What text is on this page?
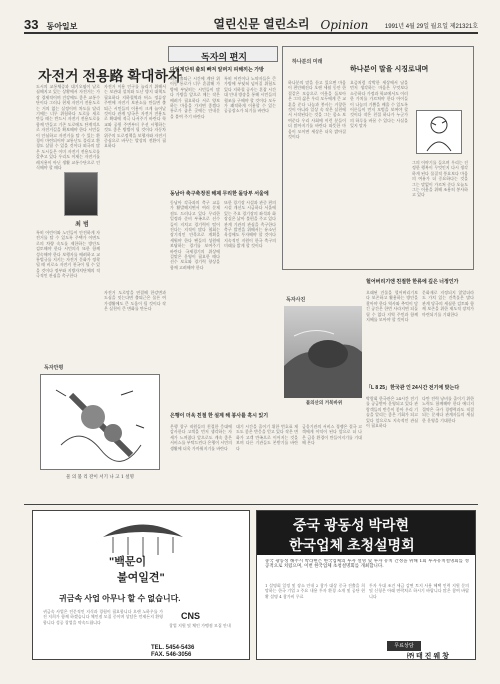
33 동아일보	열린신문 열린소리 Opinion	1991년 4월 29일 월요일 제21321호
자전거 전용路 확대하자
도시의 교통체증과 대기오염이 날로 심해지고 있는 상황에서 자전거는 가장 경제적이며 건강에도 좋은 교통수단이다 그러나 현재 자전거 전용도로는 거의 없는 실정이며 차도를 달리기에는 너무 위험하다 도로를 새로 만들 때는 반드시 자전거 전용도로를 함께 만들고 기존 도로에도 단계적으로 자전거길을 확보해야 한다 시민들이 안심하고 자전거를 탈 수 있는 환경이 마련되어야 교통난도 풀리고 환경도 살릴 수 있을 것이다 외국의 많은 도시들은 이미 자전거 전용도로를 갖추고 있다 우리도 이제는 자전거를 레저용이 아닌 생활 교통수단으로 인식해야 할 때다
자전거 이용 인구를 늘리기 위해서는 보관대 설치와 도난 방지 대책도 필요하다 지하철역과 버스 정류장 주변에 자전거 보관소를 만들면 출퇴근 시민들의 이용이 크게 늘어날 것이다 관계 당국은 자전거 전용도로 확대에 적극 나서주기 바란다 학교와 공원 주변부터 우선 시행하는 것도 좋은 방법이 될 것이다 자동차 위주의 도로정책을 보행자와 자전거 중심으로 바꾸는 발상의 전환이 필요하다
최 범
특히 어린이와 노인들이 안전하게 자전거를 탈 수 있도록 주택가 이면도로의 차량 속도를 제한하는 방안도 검토해야 한다 시민의식 또한 함께 성숙해야 한다 보행자를 배려하고 교통법규를 지키는 자전거 문화가 정착될 때 비로소 자전거 천국이 될 수 있을 것이다 정부와 지방자치단체의 적극적인 관심을 촉구한다
자전거 도로망을 연결해 한강변과 도심을 잇는다면 출퇴근은 물론 여가생활에도 큰 도움이 될 것이다 작은 실천이 큰 변화를 만든다
독자만평
물 의 불 리 잔이 서기 나 고 1 설명
독자의 편지
다인계단위 출퇴 빠져 알퍼지 피해끼는 가방
최근 출퇴근 시간에 계단 위 이동 통로가 너무 혼잡해 가방에 부딪히는 시민들이 많다 가방을 앞으로 메는 작은 배려가 필요하다 서로 양보하는 마음을 가지면 좋겠다 통로가 좁은 곳에는 안내문을 붙여 주기 바란다
특히 어린이나 노약자들은 큰 가방에 부딪혀 넘어질 위험도 있다 지하철 공사는 혼잡 시간대 안내 방송을 통해 시민들의 협조를 구해야 할 것이다 모두가 쾌적하게 이용할 수 있는 공공장소가 되기를 바란다
동남아 축구축정권 해제 무리한 돌당부 서울에
동남아 각국과의 축구 교류가 활발해지면서 여러 문제점도 드러나고 있다 무리한 일정과 준비 부족으로 선수들이 지치고 경기력이 떨어진다는 지적이 많다 협회는 장기적인 안목으로 계획을 세워야 한다 팬들의 성원에 보답하는 경기를 보여주기 바란다 국제경기의 위상에 걸맞은 운영이 필요한 때다 선수 보호와 경기력 향상을 함께 고려해야 한다
또한 경기장 시설과 관중 편의시설 개선도 시급하다 서울에 있는 주요 경기장의 좌석과 화장실은 낡아 불편을 주고 있다 관계 기관의 관심을 촉구한다 축구 발전을 위해서는 유소년 육성에도 투자해야 할 것이다 지속적인 지원이 한국 축구의 미래를 밝게 할 것이다
하나분의 미래
하나분이 말을 시징로내며
하나분의 말을 듣고 있으면 마음이 편안해진다 오랜 세월 동안 한결같은 모습으로 이웃을 돌보아 온 그의 삶은 우리 모두에게 큰 교훈을 준다 나눔과 봉사는 거창한 것이 아니라 일상 속 작은 실천에서 시작된다는 것을 그는 몸소 보여준다 우리 사회에 이런 분들이 더 많아지기를 바란다 따뜻한 마음이 모이면 세상은 더욱 밝아질 것이다
요즘처럼 각박한 세상에서 남을 먼저 생각하는 마음은 무엇보다 소중하다 가정과 학교에서도 이러한 가치를 가르쳐야 한다 아이들이 나눔의 기쁨을 배울 수 있도록 어른들이 먼저 모범을 보여야 할 것이다 작은 친절 하나가 누군가의 하루를 바꿀 수 있다는 사실을 잊지 말자
그의 이야기를 들으며 우리는 진정한 행복이 무엇인지 다시 생각하게 된다 물질적 풍요보다 마음의 여유가 더 중요하다는 것을 그는 말없이 가르쳐 준다 오늘도 그는 이웃을 위해 조용히 봉사하고 있다
헐어버리기엔 친절한 한류에 깊은 너정인가
오래된 건물을 헐어버리기보다 보존하고 활용하는 방안을 찾아야 한다 역사와 추억이 담긴 공간은 한번 사라지면 되돌릴 수 없다 지역 주민과 함께 지혜를 모아야 할 것이다
문화재로 지정되지 않았더라도 가치 있는 건축물은 많다 관계 당국의 세심한 검토와 함께 보존을 위한 제도적 장치가 마련되기를 기대한다
「L 8 25」한국관 인 24시간 전기에 맞는다
박람회 한국관은 24시간 전기를 공급받아 운영되고 있다 관람객들의 반응이 좋아 우리 기술을 알리는 좋은 기회가 되고 있다 앞으로도 지속적인 관심이 필요하다
다만 전력 낭비를 줄이기 위한 노력도 함께해야 한다 에너지 절약은 국가 경쟁력과도 직결되는 문제다 관계자들의 세심한 운영을 기대한다
독자사진
불의산의 거북바위
은행이 더욱 친절 한 설계 해 봉사를 혹시 있기
은행 창구 직원들의 친절한 응대에 감사한다 고객을 먼저 생각하는 자세가 느껴졌다 앞으로도 계속 좋은 서비스를 부탁드린다 은행이 시민의 생활에 더욱 가까워지기를 바란다
대기 시간을 줄이기 위한 번호표 제도도 좋은 반응을 얻고 있다 작은 변화가 고객 만족으로 이어지는 것을 보며 다른 기관들도 본받기를 바란다
금융기관의 서비스 경쟁은 결국 고객에게 이익이 된다 앞으로 더 나은 금융 환경이 만들어지기를 기대해 본다
"백문이
불여일견"
귀금속 사업 아무나 할 수 없습니다.
귀금속 사업은 전문적인 지식과 경험이 필요합니다 오랜 노하우를 가진 저희가 함께 하겠습니다 체인점 모집 중이며 상담은 언제든지 환영합니다 성공 창업을 약속드립니다
CNS
창업 지원 및 체인 가맹점 모집 안내
TEL. 5454-5436
FAX. 546-3056
중국 광동성 박라현
한국업체 초청설명회
중국 광동성 해주시 박라현은 한국업체의 투자 설명 및 투자 유치 간정을 위해 1회 투자유치설명회를 성공적으로 치렀으며, 이번 한국업체 초청설명회를 개최합니다.
1 설명회 일정 및 장소 안내 2 참가 대상 중국 진출을 희망하는 한국 기업 3 주요 내용 투자 환경 소개 및 공단 현황 설명 4 참가비 무료
투자 우대 조건 세금 감면 토지 사용 혜택 인력 지원 문의 및 신청은 아래 연락처로 하시기 바랍니다 많은 참여 바랍니다
무료상담
㈜ 태 진 웨 창
